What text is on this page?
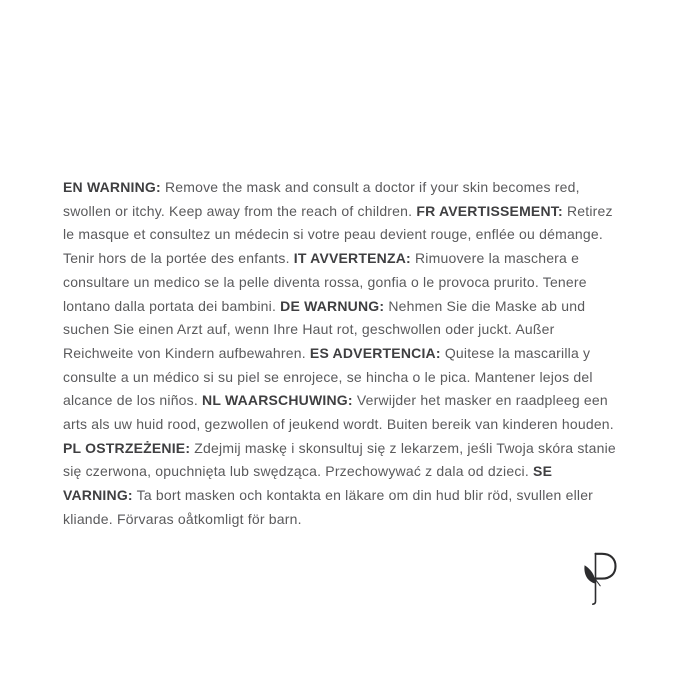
EN WARNING: Remove the mask and consult a doctor if your skin becomes red, swollen or itchy. Keep away from the reach of children. FR AVERTISSEMENT: Retirez le masque et consultez un médecin si votre peau devient rouge, enflée ou démange. Tenir hors de la portée des enfants. IT AVVERTENZA: Rimuovere la maschera e consultare un medico se la pelle diventa rossa, gonfia o le provoca prurito. Tenere lontano dalla portata dei bambini. DE WARNUNG: Nehmen Sie die Maske ab und suchen Sie einen Arzt auf, wenn Ihre Haut rot, geschwollen oder juckt. Außer Reichweite von Kindern aufbewahren. ES ADVERTENCIA: Quitese la mascarilla y consulte a un médico si su piel se enrojece, se hincha o le pica. Mantener lejos del alcance de los niños. NL WAARSCHUWING: Verwijder het masker en raadpleeg een arts als uw huid rood, gezwollen of jeukend wordt. Buiten bereik van kinderen houden. PL OSTRZEŻENIE: Zdejmij maskę i skonsultuj się z lekarzem, jeśli Twoja skóra stanie się czerwona, opuchnięta lub swędząca. Przechowywać z dala od dzieci. SE VARNING: Ta bort masken och kontakta en läkare om din hud blir röd, svullen eller kliande. Förvaras oåtkomligt för barn.
